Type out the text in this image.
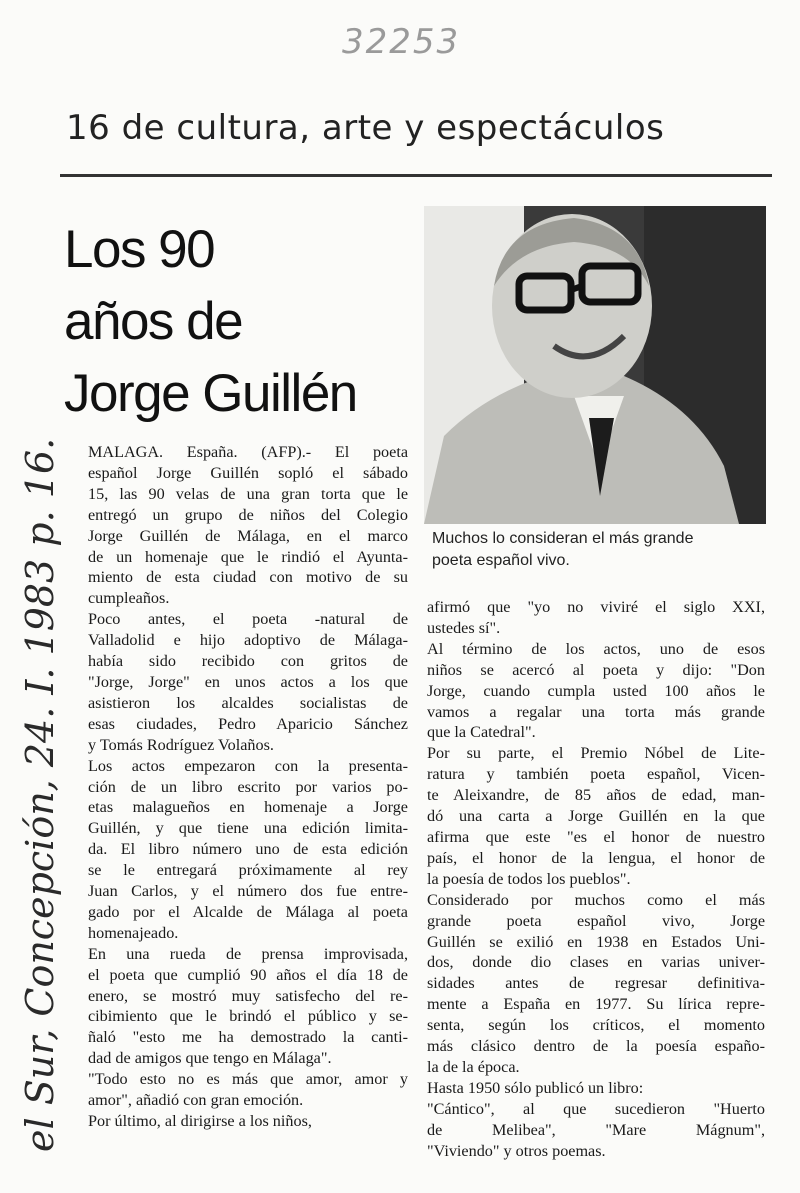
32253
16 de cultura, arte y espectáculos
Los 90
años de
Jorge Guillén
Muchos lo consideran el más grande
poeta español vivo.
MALAGA. España. (AFP).- El poeta
español Jorge Guillén sopló el sábado
15, las 90 velas de una gran torta que le
entregó un grupo de niños del Colegio
Jorge Guillén de Málaga, en el marco
de un homenaje que le rindió el Ayunta-
miento de esta ciudad con motivo de su
cumpleaños.
Poco antes, el poeta -natural de
Valladolid e hijo adoptivo de Málaga-
había sido recibido con gritos de
"Jorge, Jorge" en unos actos a los que
asistieron los alcaldes socialistas de
esas ciudades, Pedro Aparicio Sánchez
y Tomás Rodríguez Volaños.
Los actos empezaron con la presenta-
ción de un libro escrito por varios po-
etas malagueños en homenaje a Jorge
Guillén, y que tiene una edición limita-
da. El libro número uno de esta edición
se le entregará próximamente al rey
Juan Carlos, y el número dos fue entre-
gado por el Alcalde de Málaga al poeta
homenajeado.
En una rueda de prensa improvisada,
el poeta que cumplió 90 años el día 18 de
enero, se mostró muy satisfecho del re-
cibimiento que le brindó el público y se-
ñaló "esto me ha demostrado la canti-
dad de amigos que tengo en Málaga".
"Todo esto no es más que amor, amor y
amor", añadió con gran emoción.
Por último, al dirigirse a los niños,
afirmó que "yo no viviré el siglo XXI,
ustedes sí".
Al término de los actos, uno de esos
niños se acercó al poeta y dijo: "Don
Jorge, cuando cumpla usted 100 años le
vamos a regalar una torta más grande
que la Catedral".
Por su parte, el Premio Nóbel de Lite-
ratura y también poeta español, Vicen-
te Aleixandre, de 85 años de edad, man-
dó una carta a Jorge Guillén en la que
afirma que este "es el honor de nuestro
país, el honor de la lengua, el honor de
la poesía de todos los pueblos".
Considerado por muchos como el más
grande poeta español vivo, Jorge
Guillén se exilió en 1938 en Estados Uni-
dos, donde dio clases en varias univer-
sidades antes de regresar definitiva-
mente a España en 1977. Su lírica repre-
senta, según los críticos, el momento
más clásico dentro de la poesía españo-
la de la época.
Hasta 1950 sólo publicó un libro:
"Cántico", al que sucedieron "Huerto
de Melibea", "Mare Mágnum",
"Viviendo" y otros poemas.
el Sur, Concepción, 24. I. 1983 p. 16.
